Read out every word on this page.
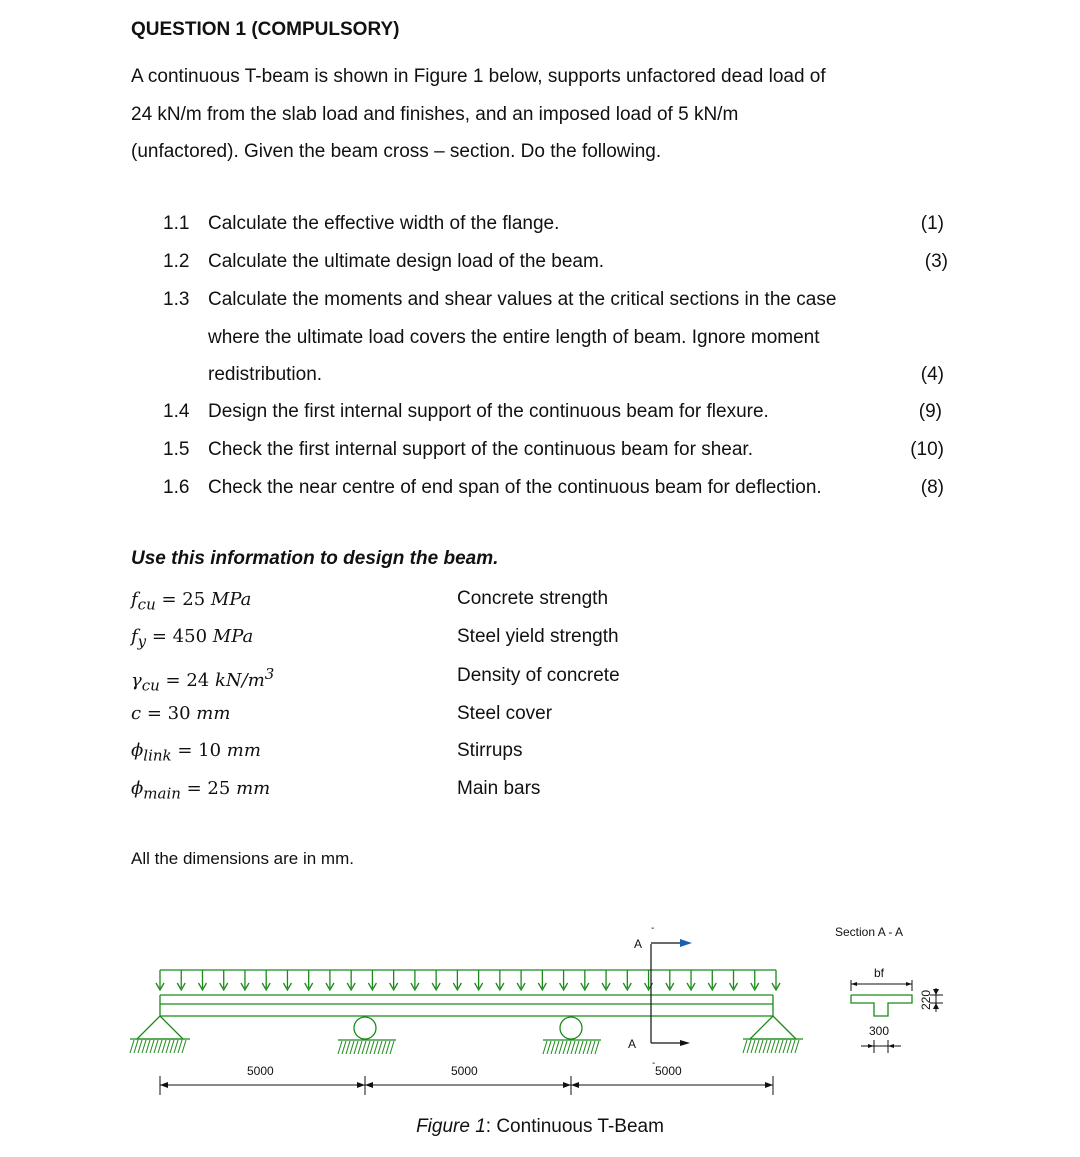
QUESTION 1 (COMPULSORY)
A continuous T-beam is shown in Figure 1 below, supports unfactored dead load of
24 kN/m from the slab load and finishes, and an imposed load of 5 kN/m
(unfactored). Given the beam cross – section. Do the following.
1.1 Calculate the effective width of the flange.	(1)
1.2 Calculate the ultimate design load of the beam.	(3)
1.3 Calculate the moments and shear values at the critical sections in the case
where the ultimate load covers the entire length of beam. Ignore moment
redistribution.	(4)
1.4 Design the first internal support of the continuous beam for flexure.	(9)
1.5 Check the first internal support of the continuous beam for shear.	(10)
1.6 Check the near centre of end span of the continuous beam for deflection.	(8)
Use this information to design the beam.
$f_{cu} = 25$ MPa	Concrete strength
$f_y = 450$ MPa	Steel yield strength
$\gamma_{cu} = 24$ $kN/m^3$	Density of concrete
c = 30 mm	Steel cover
$\phi_{link} = 10$ mm	Stirrups
$\phi_{main} = 25$ mm	Main bars
All the dimensions are in mm.
A
A
-
-
5000	5000	5000
Section A - A
bf
220
300
Figure 1: Continuous T-Beam
